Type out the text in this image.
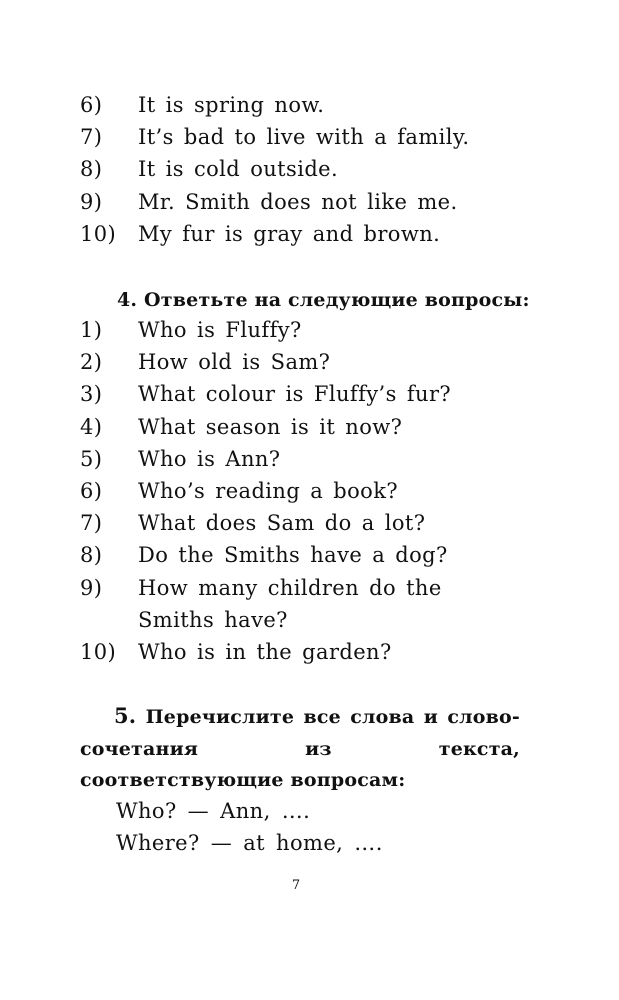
6)	It is spring now.
7)	It’s bad to live with a family.
8)	It is cold outside.
9)	Mr. Smith does not like me.
10)	My fur is gray and brown.
4. Ответьте на следующие вопросы:
1)	Who is Fluffy?
2)	How old is Sam?
3)	What colour is Fluffy’s fur?
4)	What season is it now?
5)	Who is Ann?
6)	Who’s reading a book?
7)	What does Sam do a lot?
8)	Do the Smiths have a dog?
9)	How many children do the Smiths have?
10)	Who is in the garden?
5. Перечислите все слова и слово-сочетания из текста, соответствующие вопросам:
Who? — Ann, ….
Where? — at home, ….
7
